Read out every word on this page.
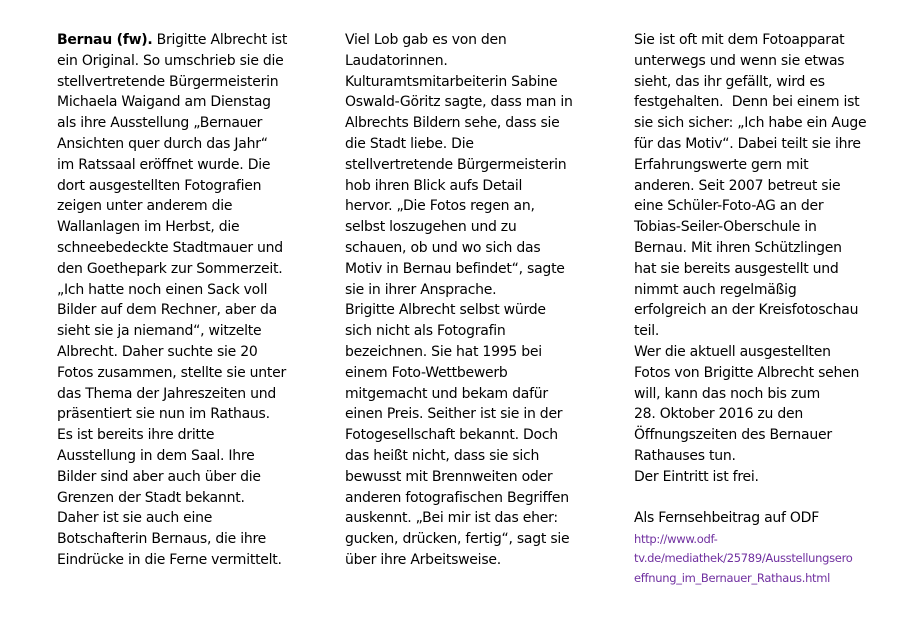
Bernau (fw). Brigitte Albrecht ist
ein Original. So umschrieb sie die
stellvertretende Bürgermeisterin
Michaela Waigand am Dienstag
als ihre Ausstellung „Bernauer
Ansichten quer durch das Jahr“
im Ratssaal eröffnet wurde. Die
dort ausgestellten Fotografien
zeigen unter anderem die
Wallanlagen im Herbst, die
schneebedeckte Stadtmauer und
den Goethepark zur Sommerzeit.
„Ich hatte noch einen Sack voll
Bilder auf dem Rechner, aber da
sieht sie ja niemand“, witzelte
Albrecht. Daher suchte sie 20
Fotos zusammen, stellte sie unter
das Thema der Jahreszeiten und
präsentiert sie nun im Rathaus.
Es ist bereits ihre dritte
Ausstellung in dem Saal. Ihre
Bilder sind aber auch über die
Grenzen der Stadt bekannt.
Daher ist sie auch eine
Botschafterin Bernaus, die ihre
Eindrücke in die Ferne vermittelt.

Viel Lob gab es von den
Laudatorinnen.
Kulturamtsmitarbeiterin Sabine
Oswald-Göritz sagte, dass man in
Albrechts Bildern sehe, dass sie
die Stadt liebe. Die
stellvertretende Bürgermeisterin
hob ihren Blick aufs Detail
hervor. „Die Fotos regen an,
selbst loszugehen und zu
schauen, ob und wo sich das
Motiv in Bernau befindet“, sagte
sie in ihrer Ansprache.
Brigitte Albrecht selbst würde
sich nicht als Fotografin
bezeichnen. Sie hat 1995 bei
einem Foto-Wettbewerb
mitgemacht und bekam dafür
einen Preis. Seither ist sie in der
Fotogesellschaft bekannt. Doch
das heißt nicht, dass sie sich
bewusst mit Brennweiten oder
anderen fotografischen Begriffen
auskennt. „Bei mir ist das eher:
gucken, drücken, fertig“, sagt sie
über ihre Arbeitsweise.

Sie ist oft mit dem Fotoapparat
unterwegs und wenn sie etwas
sieht, das ihr gefällt, wird es
festgehalten.  Denn bei einem ist
sie sich sicher: „Ich habe ein Auge
für das Motiv“. Dabei teilt sie ihre
Erfahrungswerte gern mit
anderen. Seit 2007 betreut sie
eine Schüler-Foto-AG an der
Tobias-Seiler-Oberschule in
Bernau. Mit ihren Schützlingen
hat sie bereits ausgestellt und
nimmt auch regelmäßig
erfolgreich an der Kreisfotoschau
teil.
Wer die aktuell ausgestellten
Fotos von Brigitte Albrecht sehen
will, kann das noch bis zum
28. Oktober 2016 zu den
Öffnungszeiten des Bernauer
Rathauses tun.
Der Eintritt ist frei.

Als Fernsehbeitrag auf ODF

http://www.odf-
tv.de/mediathek/25789/Ausstellungsero
effnung_im_Bernauer_Rathaus.html
